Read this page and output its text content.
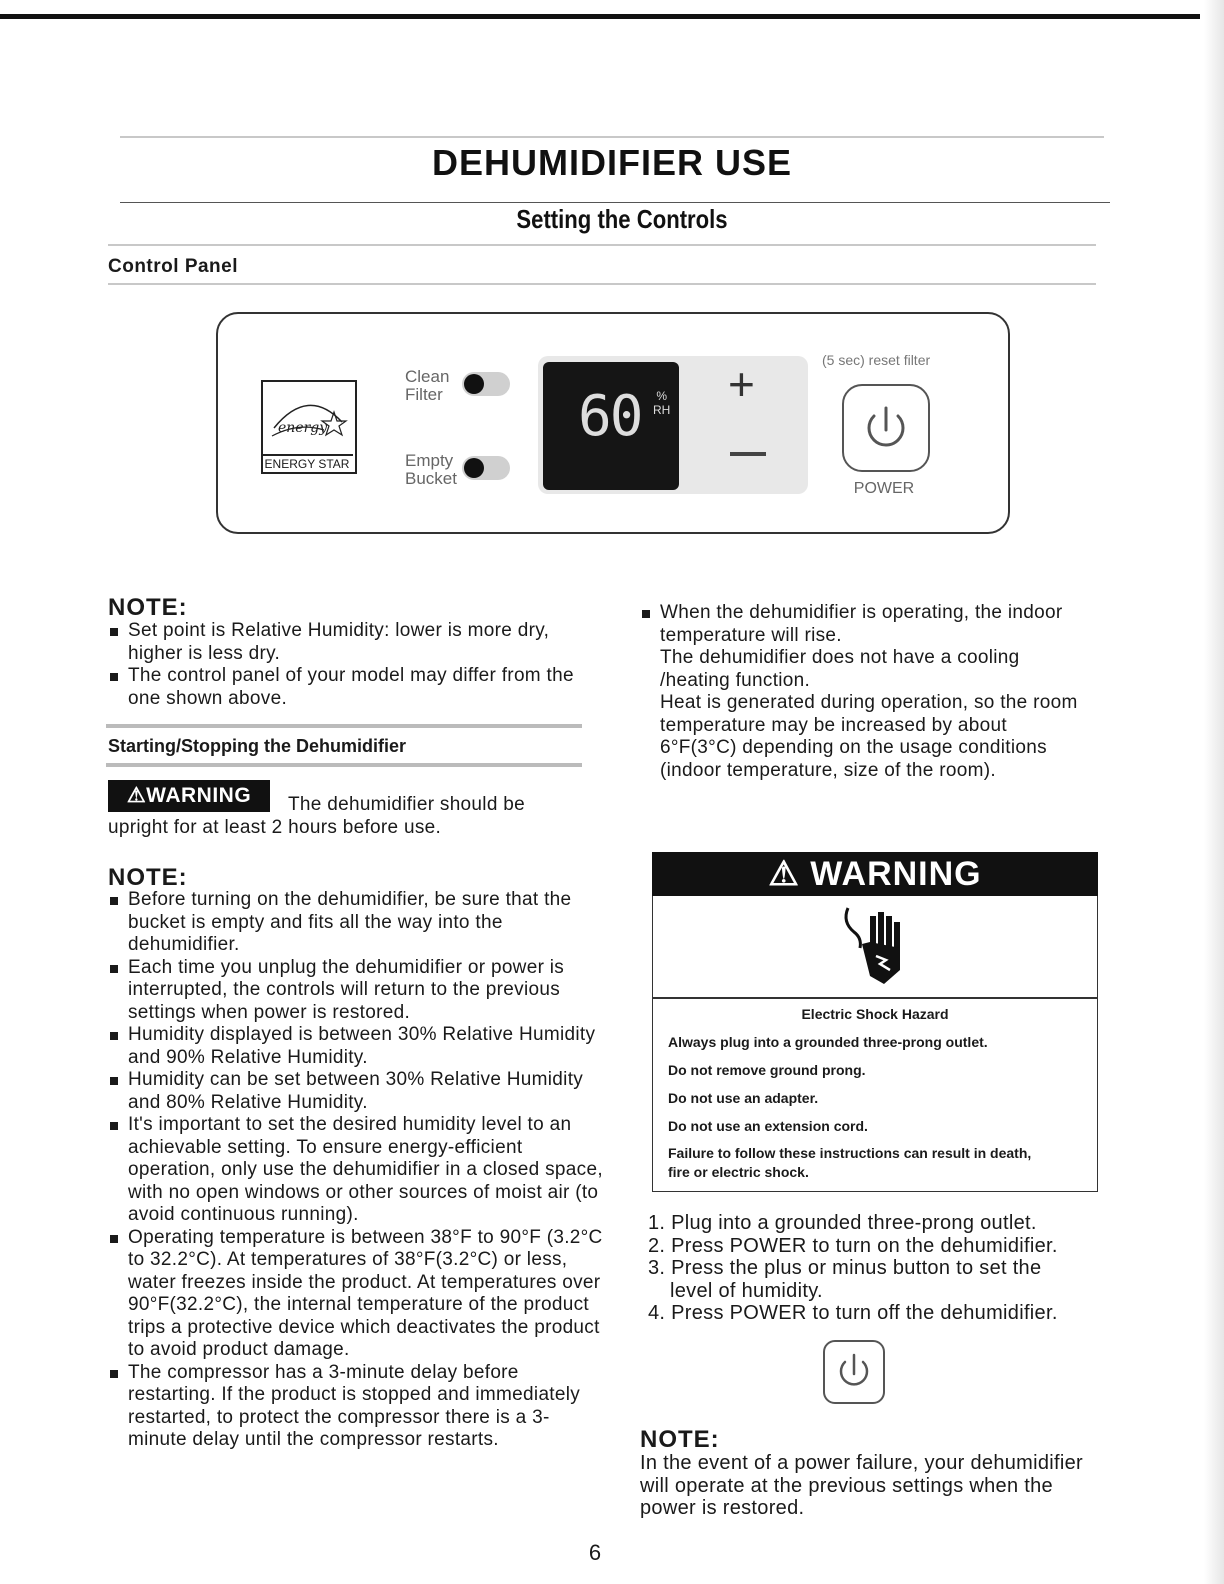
DEHUMIDIFIER USE
Setting the Controls
Control Panel
energy
ENERGY STAR
Clean
Filter
Empty
Bucket
60 %
RH +	(5 sec) reset filter
POWER
NOTE:
Set point is Relative Humidity: lower is more dry, higher is less dry.
The control panel of your model may differ from the one shown above.
Starting/Stopping the Dehumidifier
⚠WARNING	The dehumidifier should be
upright for at least 2 hours before use.
NOTE:
Before turning on the dehumidifier, be sure that the bucket is empty and fits all the way into the dehumidifier.
Each time you unplug the dehumidifier or power is interrupted, the controls will return to the previous settings when power is restored.
Humidity displayed is between 30% Relative Humidity and 90% Relative Humidity.
Humidity can be set between 30% Relative Humidity and 80% Relative Humidity.
It's important to set the desired humidity level to an achievable setting. To ensure energy-efficient operation, only use the dehumidifier in a closed space, with no open windows or other sources of moist air (to avoid continuous running).
Operating temperature is between 38°F to 90°F (3.2°C to 32.2°C). At temperatures of 38°F(3.2°C) or less, water freezes inside the product. At temperatures over 90°F(32.2°C), the internal temperature of the product trips a protective device which deactivates the product to avoid product damage.
The compressor has a 3-minute delay before restarting. If the product is stopped and immediately restarted, to protect the compressor there is a 3-minute delay until the compressor restarts.
When the dehumidifier is operating, the indoor temperature will rise.
The dehumidifier does not have a cooling /heating function.
Heat is generated during operation, so the room temperature may be increased by about 6°F(3°C) depending on the usage conditions (indoor temperature, size of the room).
⚠ WARNING
Electric Shock Hazard
Always plug into a grounded three-prong outlet.
Do not remove ground prong.
Do not use an adapter.
Do not use an extension cord.
Failure to follow these instructions can result in death,
fire or electric shock.
1. Plug into a grounded three-prong outlet.
2. Press POWER to turn on the dehumidifier.
3. Press the plus or minus button to set the
level of humidity.
4. Press POWER to turn off the dehumidifier.
NOTE:
In the event of a power failure, your dehumidifier will operate at the previous settings when the power is restored.
6
